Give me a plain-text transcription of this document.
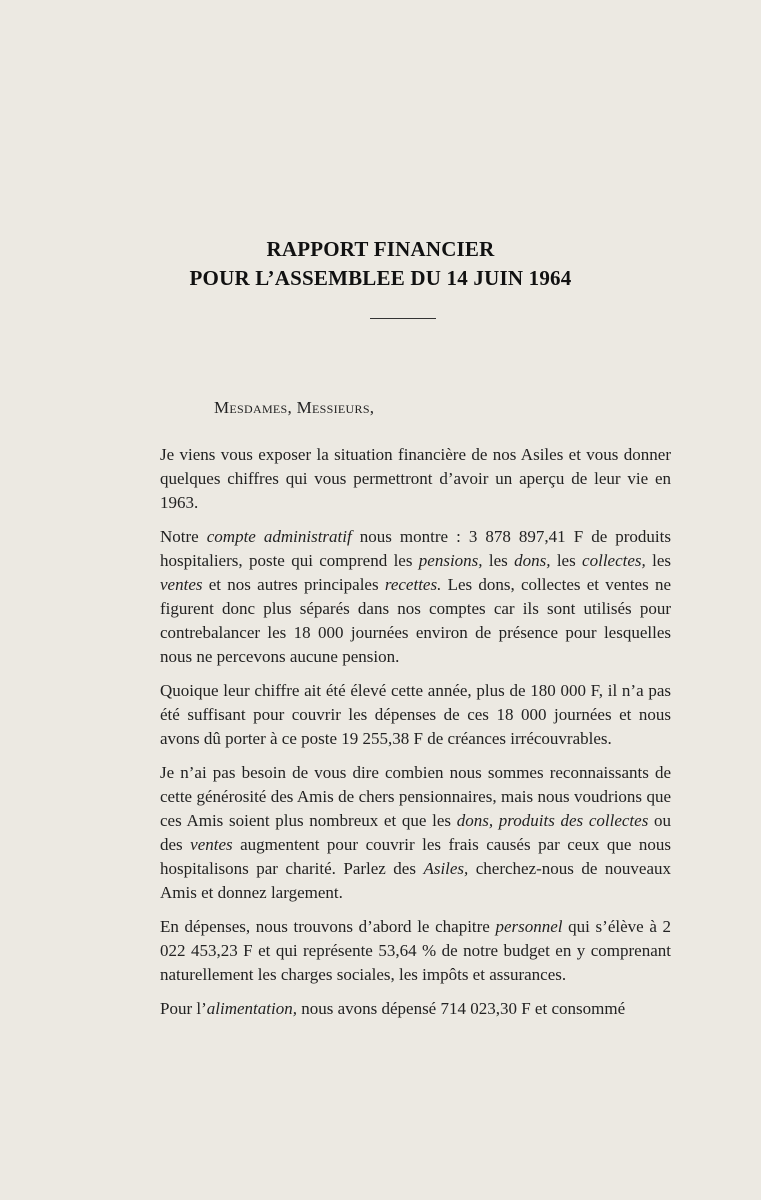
RAPPORT FINANCIER
POUR L’ASSEMBLEE DU 14 JUIN 1964
Mesdames, Messieurs,

Je viens vous exposer la situation financière de nos Asiles et vous donner quelques chiffres qui vous permettront d’avoir un aperçu de leur vie en 1963.

Notre compte administratif nous montre : 3 878 897,41 F de produits hospitaliers, poste qui comprend les pensions, les dons, les collectes, les ventes et nos autres principales recettes. Les dons, collectes et ventes ne figurent donc plus séparés dans nos comptes car ils sont utilisés pour contrebalancer les 18 000 journées environ de présence pour lesquelles nous ne percevons aucune pension.

Quoique leur chiffre ait été élevé cette année, plus de 180 000 F, il n’a pas été suffisant pour couvrir les dépenses de ces 18 000 journées et nous avons dû porter à ce poste 19 255,38 F de créances irrécouvrables.

Je n’ai pas besoin de vous dire combien nous sommes reconnaissants de cette générosité des Amis de chers pensionnaires, mais nous voudrions que ces Amis soient plus nombreux et que les dons, produits des collectes ou des ventes augmentent pour couvrir les frais causés par ceux que nous hospitalisons par charité. Parlez des Asiles, cherchez-nous de nouveaux Amis et donnez largement.

En dépenses, nous trouvons d’abord le chapitre personnel qui s’élève à 2 022 453,23 F et qui représente 53,64 % de notre budget en y comprenant naturellement les charges sociales, les impôts et assurances.

Pour l’alimentation, nous avons dépensé 714 023,30 F et consommé
